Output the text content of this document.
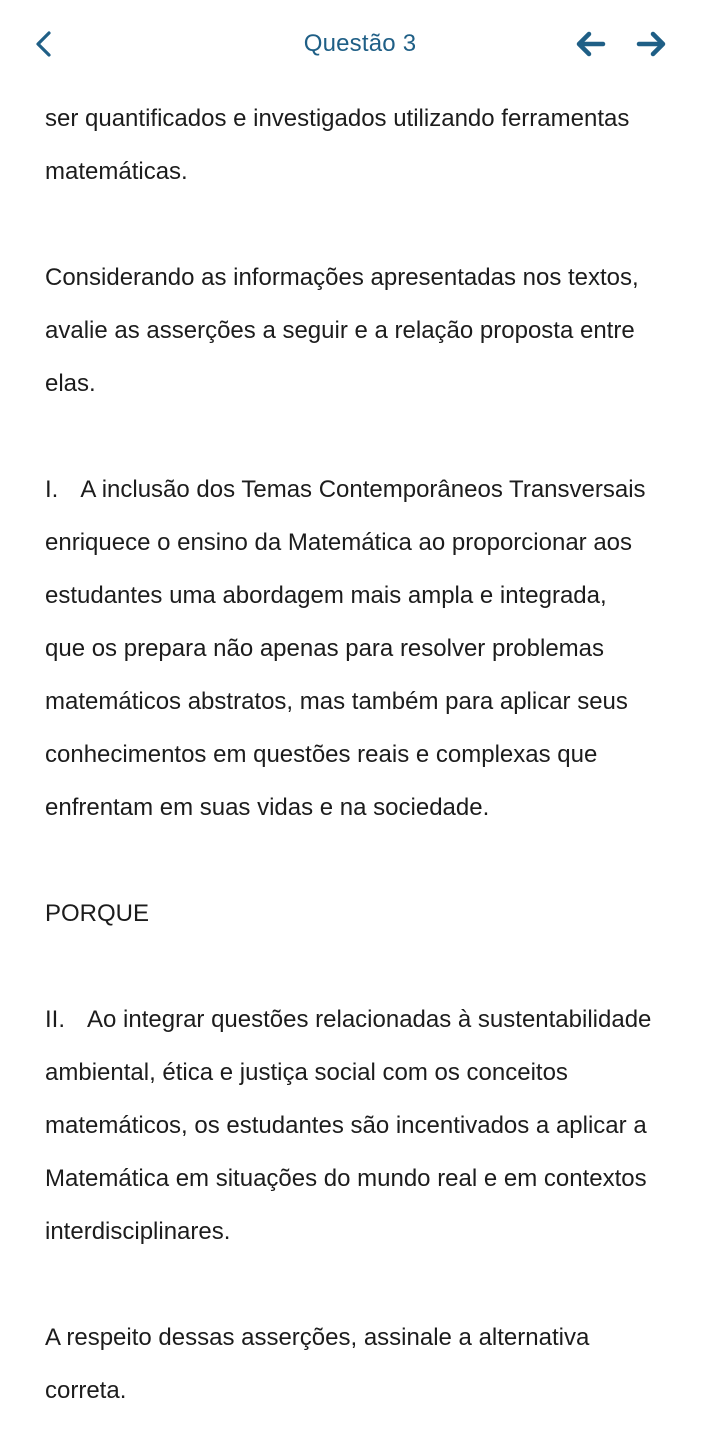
Questão 3

ser quantificados e investigados utilizando ferramentas
matemáticas.

Considerando as informações apresentadas nos textos,
avalie as asserções a seguir e a relação proposta entre
elas.

I. A inclusão dos Temas Contemporâneos Transversais
enriquece o ensino da Matemática ao proporcionar aos
estudantes uma abordagem mais ampla e integrada,
que os prepara não apenas para resolver problemas
matemáticos abstratos, mas também para aplicar seus
conhecimentos em questões reais e complexas que
enfrentam em suas vidas e na sociedade.

PORQUE

II. Ao integrar questões relacionadas à sustentabilidade
ambiental, ética e justiça social com os conceitos
matemáticos, os estudantes são incentivados a aplicar a
Matemática em situações do mundo real e em contextos
interdisciplinares.

A respeito dessas asserções, assinale a alternativa
correta.
